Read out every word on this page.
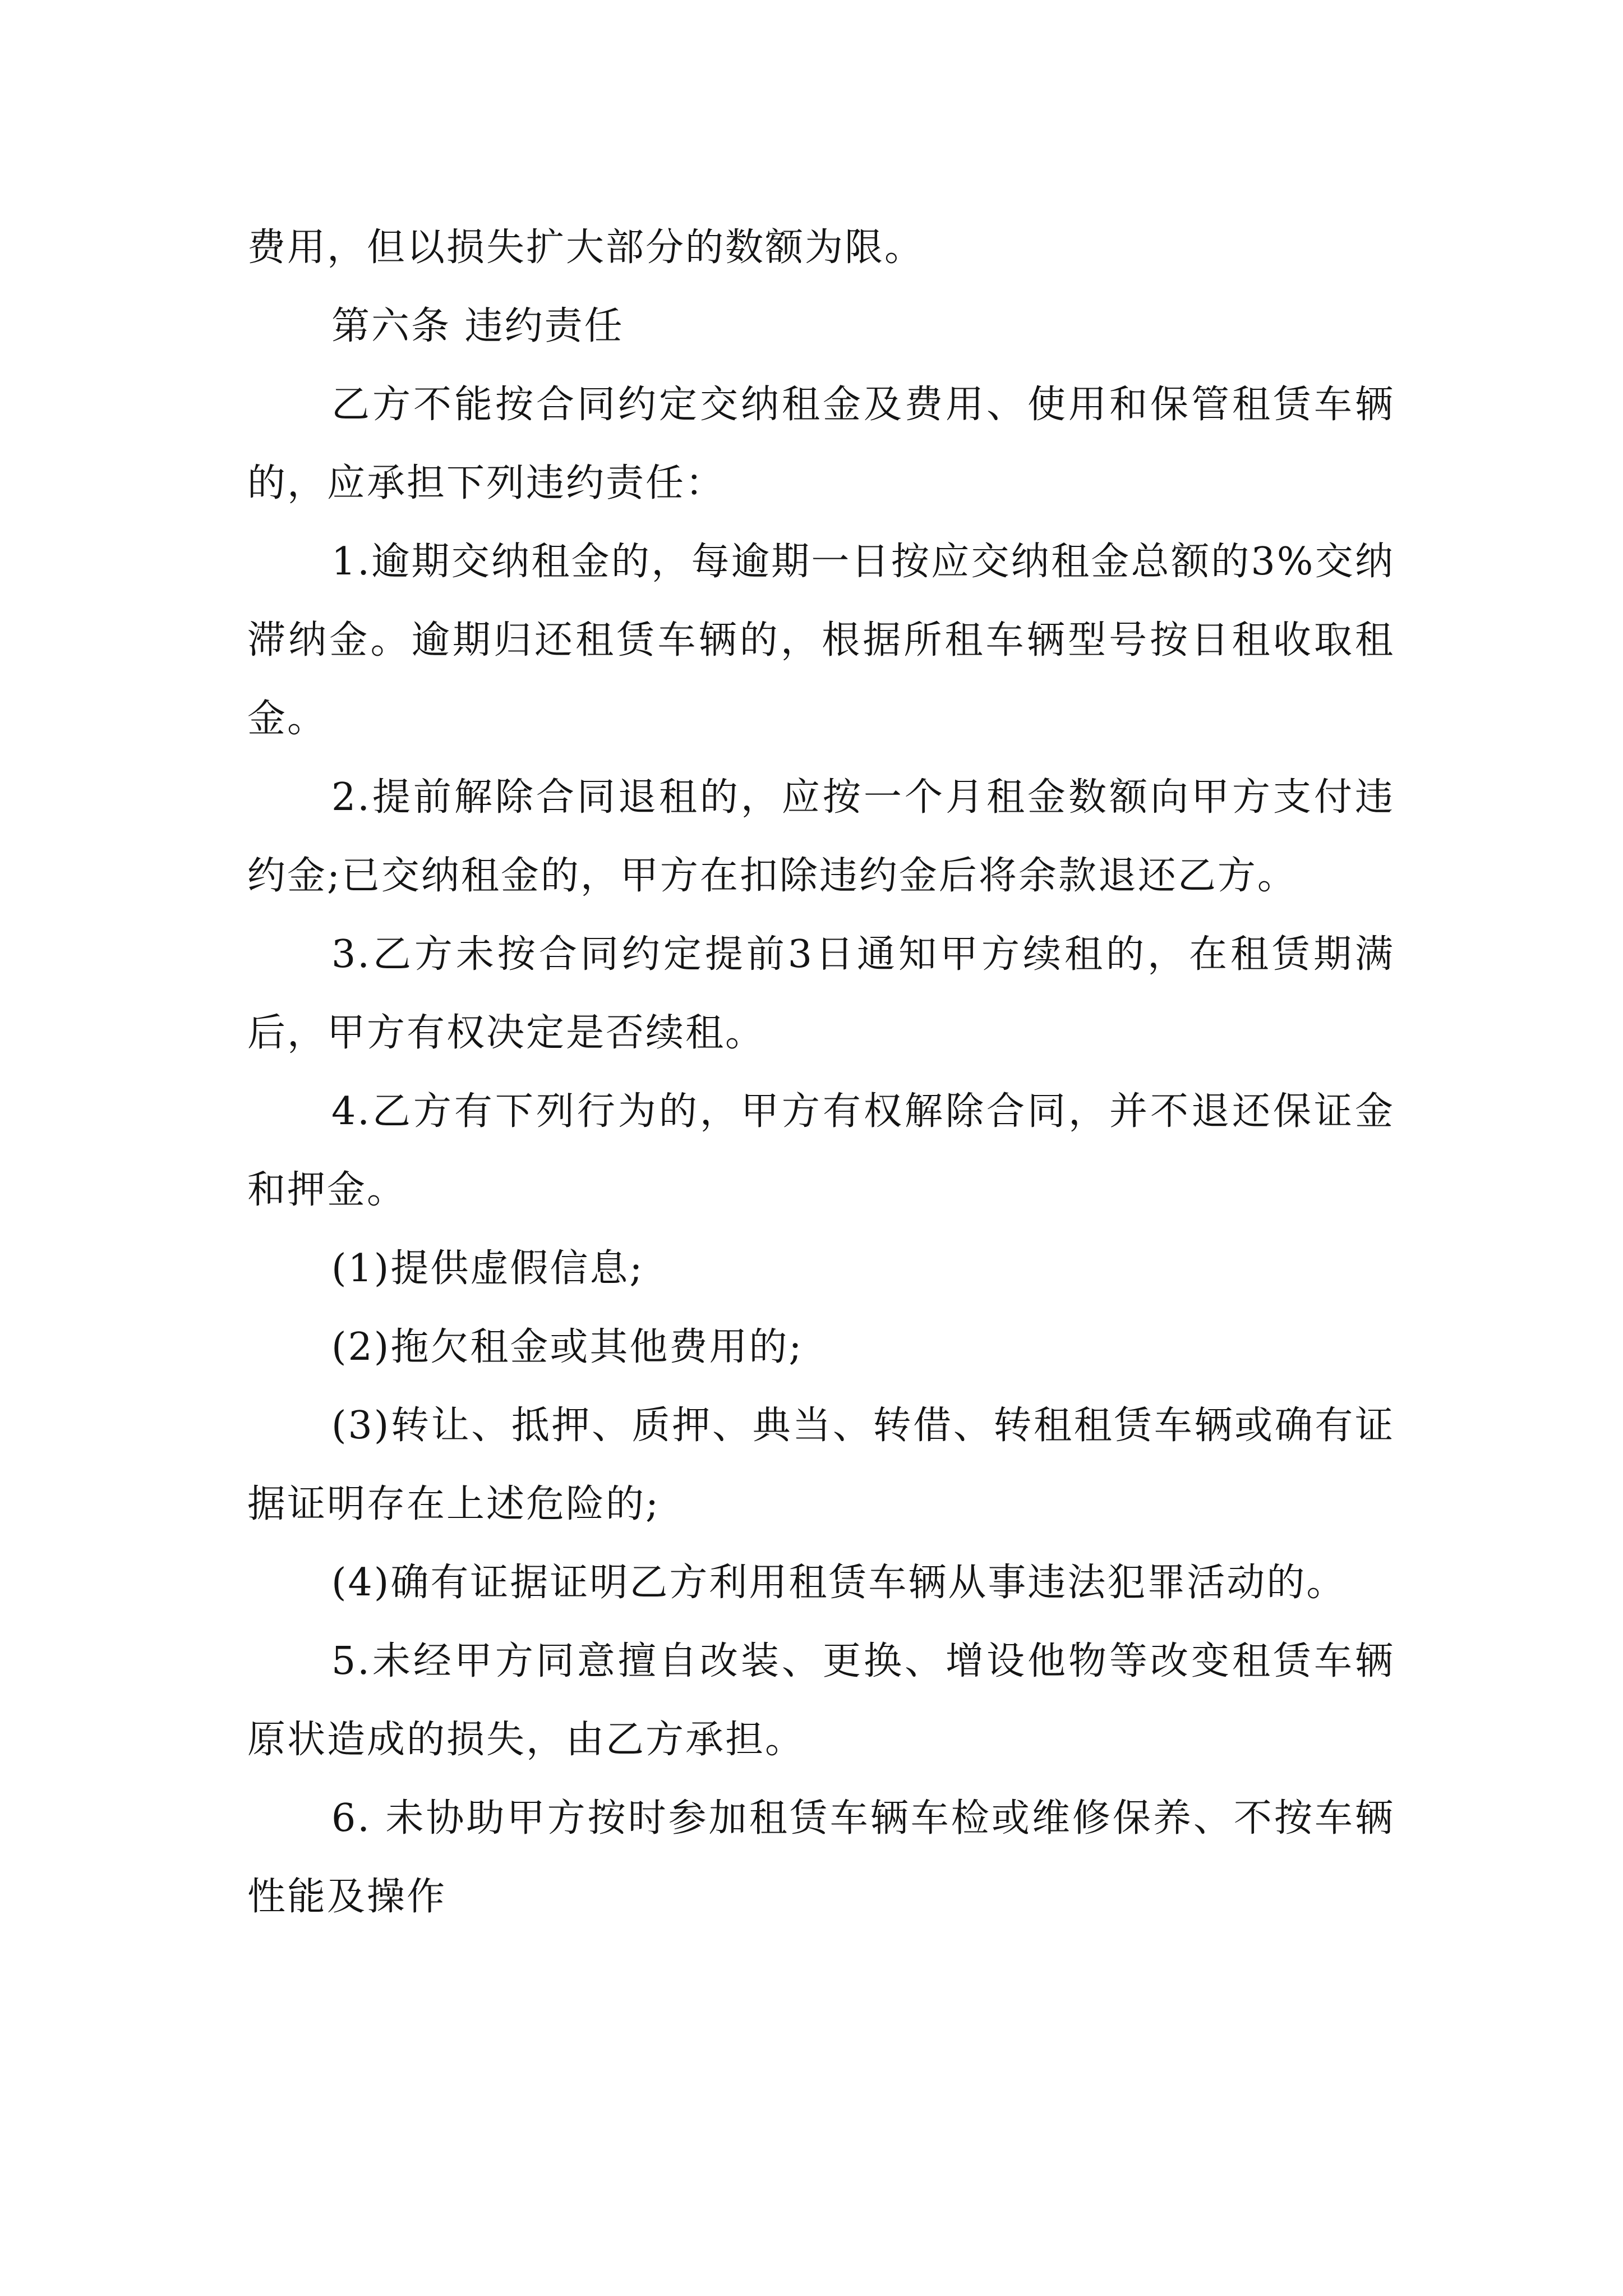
费用，但以损失扩大部分的数额为限。

第六条 违约责任

乙方不能按合同约定交纳租金及费用、使用和保管租赁车辆的，应承担下列违约责任：

1.逾期交纳租金的，每逾期一日按应交纳租金总额的3%交纳滞纳金。逾期归还租赁车辆的，根据所租车辆型号按日租收取租金。

2.提前解除合同退租的，应按一个月租金数额向甲方支付违约金;已交纳租金的，甲方在扣除违约金后将余款退还乙方。

3.乙方未按合同约定提前3日通知甲方续租的，在租赁期满后，甲方有权决定是否续租。

4.乙方有下列行为的，甲方有权解除合同，并不退还保证金和押金。

(1)提供虚假信息;

(2)拖欠租金或其他费用的;

(3)转让、抵押、质押、典当、转借、转租租赁车辆或确有证据证明存在上述危险的;

(4)确有证据证明乙方利用租赁车辆从事违法犯罪活动的。

5.未经甲方同意擅自改装、更换、增设他物等改变租赁车辆原状造成的损失，由乙方承担。

6. 未协助甲方按时参加租赁车辆车检或维修保养、不按车辆性能及操作
